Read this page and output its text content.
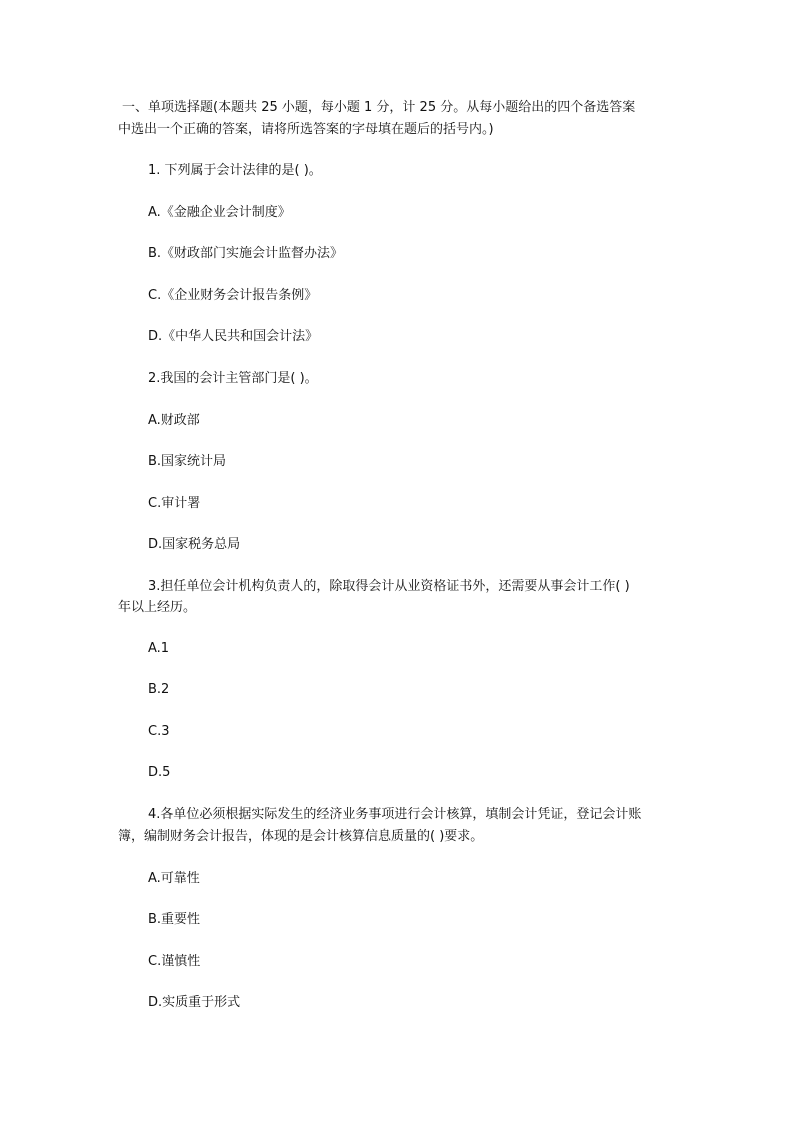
一、单项选择题(本题共 25 小题，每小题 1 分，计 25 分。从每小题给出的四个备选答案
中选出一个正确的答案，请将所选答案的字母填在题后的括号内。)
1. 下列属于会计法律的是( )。
A.《金融企业会计制度》
B.《财政部门实施会计监督办法》
C.《企业财务会计报告条例》
D.《中华人民共和国会计法》
2.我国的会计主管部门是( )。
A.财政部
B.国家统计局
C.审计署
D.国家税务总局
3.担任单位会计机构负责人的，除取得会计从业资格证书外，还需要从事会计工作( )
年以上经历。
A.1
B.2
C.3
D.5
4.各单位必须根据实际发生的经济业务事项进行会计核算，填制会计凭证，登记会计账
簿，编制财务会计报告，体现的是会计核算信息质量的( )要求。
A.可靠性
B.重要性
C.谨慎性
D.实质重于形式
